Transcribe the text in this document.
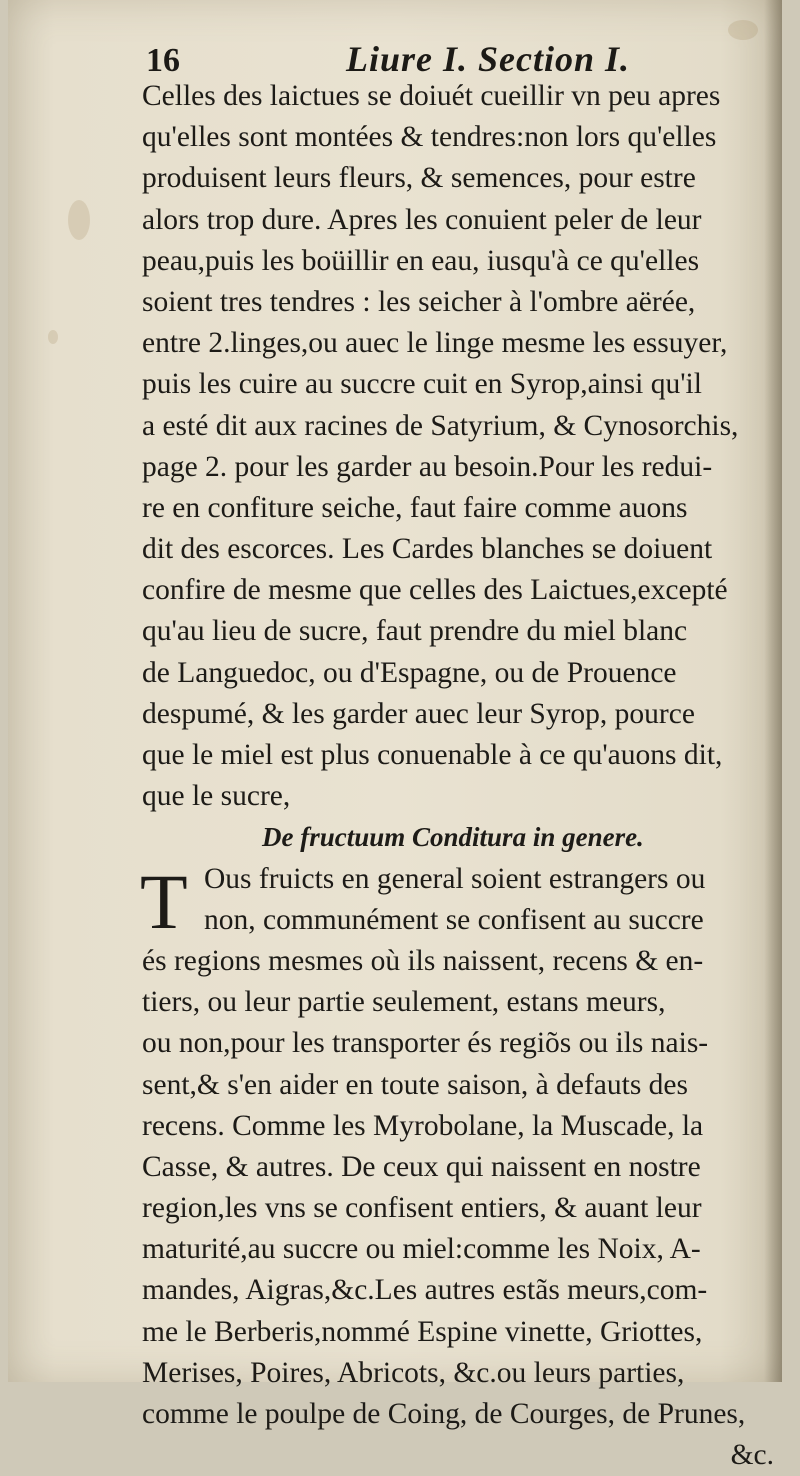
16	Liure I. Section I.
Celles des laictues se doiuét cueillir vn peu apres
qu'elles sont montées & tendres:non lors qu'elles
produisent leurs fleurs, & semences, pour estre
alors trop dure. Apres les conuient peler de leur
peau,puis les boüillir en eau, iusqu'à ce qu'elles
soient tres tendres : les seicher à l'ombre aërée,
entre 2.linges,ou auec le linge mesme les essuyer,
puis les cuire au succre cuit en Syrop,ainsi qu'il
a esté dit aux racines de Satyrium, & Cynosorchis,
page 2. pour les garder au besoin.Pour les redui-
re en confiture seiche, faut faire comme auons
dit des escorces. Les Cardes blanches se doiuent
confire de mesme que celles des Laictues,excepté
qu'au lieu de sucre, faut prendre du miel blanc
de Languedoc, ou d'Espagne, ou de Prouence
despumé, & les garder auec leur Syrop, pource
que le miel est plus conuenable à ce qu'auons dit,
que le sucre,
De fructuum Conditura in genere.
T Ous fruicts en general soient estrangers ou
non, communément se confisent au succre
és regions mesmes où ils naissent, recens & en-
tiers, ou leur partie seulement, estans meurs,
ou non,pour les transporter és regiõs ou ils nais-
sent,& s'en aider en toute saison, à defauts des
recens. Comme les Myrobolane, la Muscade, la
Casse, & autres. De ceux qui naissent en nostre
region,les vns se confisent entiers, & auant leur
maturité,au succre ou miel:comme les Noix, A-
mandes, Aigras,&c.Les autres estãs meurs,com-
me le Berberis,nommé Espine vinette, Griottes,
Merises, Poires, Abricots, &c.ou leurs parties,
comme le poulpe de Coing, de Courges, de Prunes,
&c.
